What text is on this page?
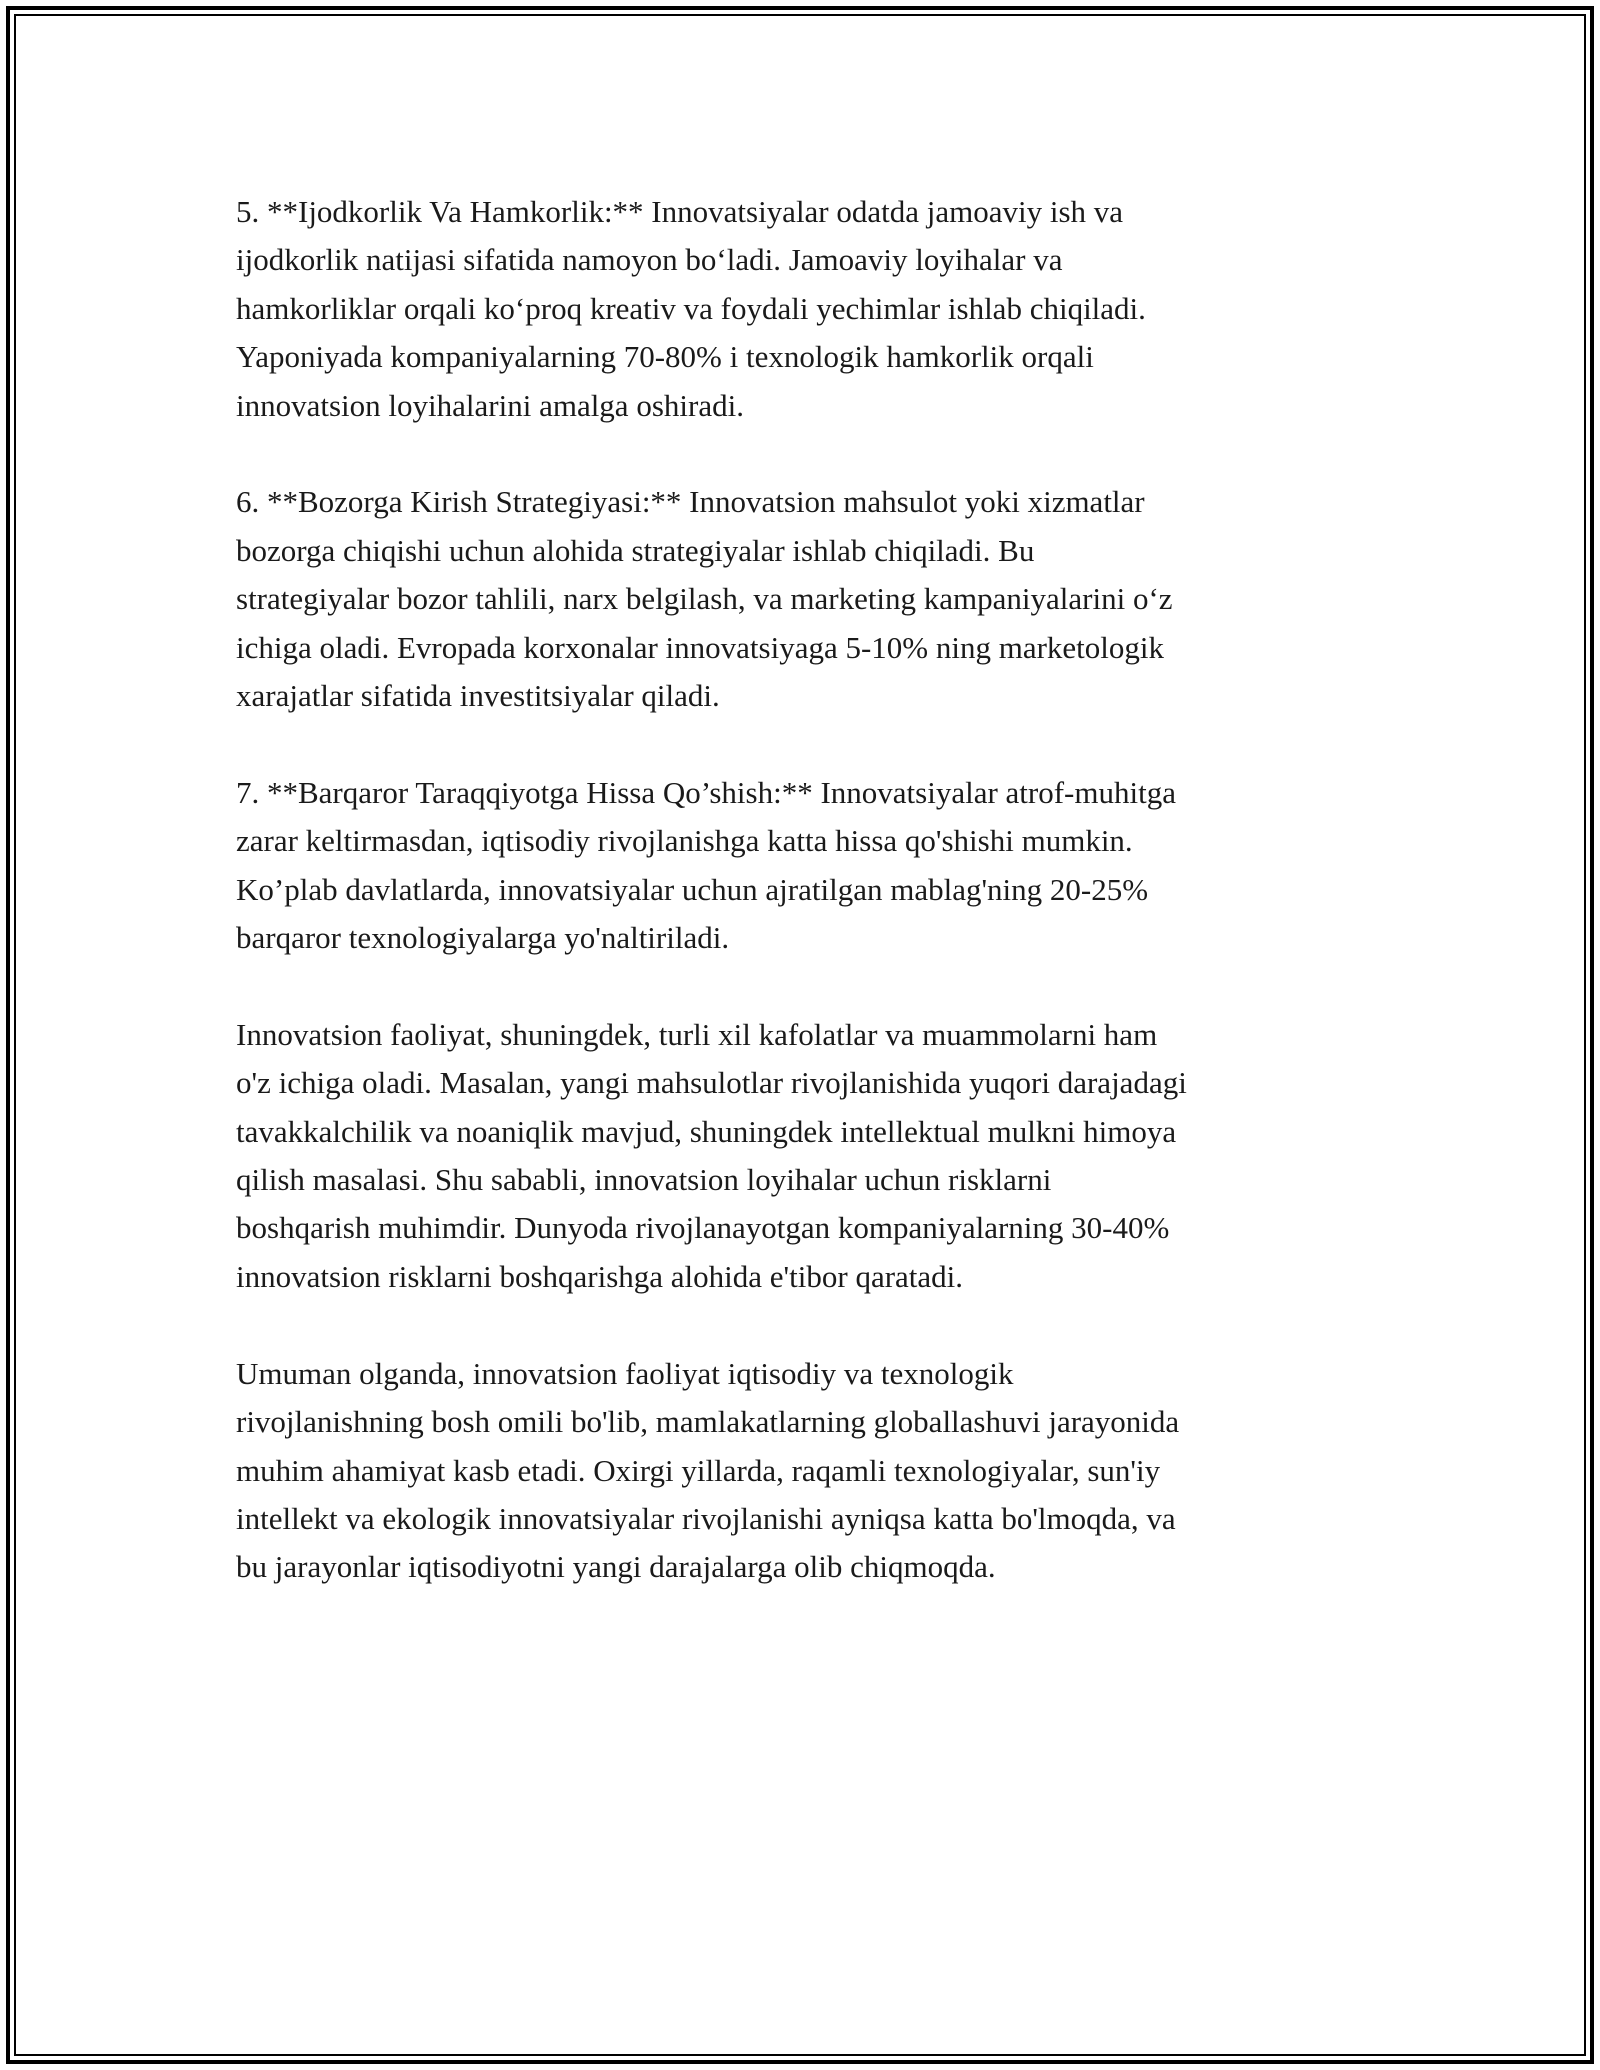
5. **Ijodkorlik Va Hamkorlik:** Innovatsiyalar odatda jamoaviy ish va
ijodkorlik natijasi sifatida namoyon bo‘ladi. Jamoaviy loyihalar va
hamkorliklar orqali ko‘proq kreativ va foydali yechimlar ishlab chiqiladi.
Yaponiyada kompaniyalarning 70-80% i texnologik hamkorlik orqali
innovatsion loyihalarini amalga oshiradi.

6. **Bozorga Kirish Strategiyasi:** Innovatsion mahsulot yoki xizmatlar
bozorga chiqishi uchun alohida strategiyalar ishlab chiqiladi. Bu
strategiyalar bozor tahlili, narx belgilash, va marketing kampaniyalarini o‘z
ichiga oladi. Evropada korxonalar innovatsiyaga 5-10% ning marketologik
xarajatlar sifatida investitsiyalar qiladi.

7. **Barqaror Taraqqiyotga Hissa Qo’shish:** Innovatsiyalar atrof-muhitga
zarar keltirmasdan, iqtisodiy rivojlanishga katta hissa qo'shishi mumkin.
Ko’plab davlatlarda, innovatsiyalar uchun ajratilgan mablag'ning 20-25%
barqaror texnologiyalarga yo'naltiriladi.

Innovatsion faoliyat, shuningdek, turli xil kafolatlar va muammolarni ham
o'z ichiga oladi. Masalan, yangi mahsulotlar rivojlanishida yuqori darajadagi
tavakkalchilik va noaniqlik mavjud, shuningdek intellektual mulkni himoya
qilish masalasi. Shu sababli, innovatsion loyihalar uchun risklarni
boshqarish muhimdir. Dunyoda rivojlanayotgan kompaniyalarning 30-40%
innovatsion risklarni boshqarishga alohida e'tibor qaratadi.

Umuman olganda, innovatsion faoliyat iqtisodiy va texnologik
rivojlanishning bosh omili bo'lib, mamlakatlarning globallashuvi jarayonida
muhim ahamiyat kasb etadi. Oxirgi yillarda, raqamli texnologiyalar, sun'iy
intellekt va ekologik innovatsiyalar rivojlanishi ayniqsa katta bo'lmoqda, va
bu jarayonlar iqtisodiyotni yangi darajalarga olib chiqmoqda.
